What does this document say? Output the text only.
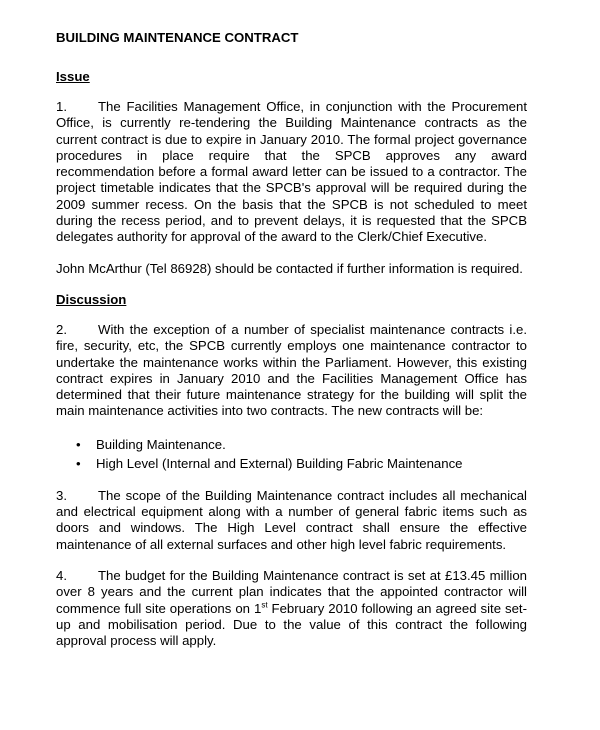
BUILDING MAINTENANCE CONTRACT
Issue
1. The Facilities Management Office, in conjunction with the Procurement Office, is currently re-tendering the Building Maintenance contracts as the current contract is due to expire in January 2010. The formal project governance procedures in place require that the SPCB approves any award recommendation before a formal award letter can be issued to a contractor. The project timetable indicates that the SPCB's approval will be required during the 2009 summer recess. On the basis that the SPCB is not scheduled to meet during the recess period, and to prevent delays, it is requested that the SPCB delegates authority for approval of the award to the Clerk/Chief Executive.
John McArthur (Tel 86928) should be contacted if further information is required.
Discussion
2. With the exception of a number of specialist maintenance contracts i.e. fire, security, etc, the SPCB currently employs one maintenance contractor to undertake the maintenance works within the Parliament. However, this existing contract expires in January 2010 and the Facilities Management Office has determined that their future maintenance strategy for the building will split the main maintenance activities into two contracts. The new contracts will be:
• Building Maintenance.
• High Level (Internal and External) Building Fabric Maintenance
3. The scope of the Building Maintenance contract includes all mechanical and electrical equipment along with a number of general fabric items such as doors and windows. The High Level contract shall ensure the effective maintenance of all external surfaces and other high level fabric requirements.
4. The budget for the Building Maintenance contract is set at £13.45 million over 8 years and the current plan indicates that the appointed contractor will commence full site operations on 1st February 2010 following an agreed site set-up and mobilisation period. Due to the value of this contract the following approval process will apply.
